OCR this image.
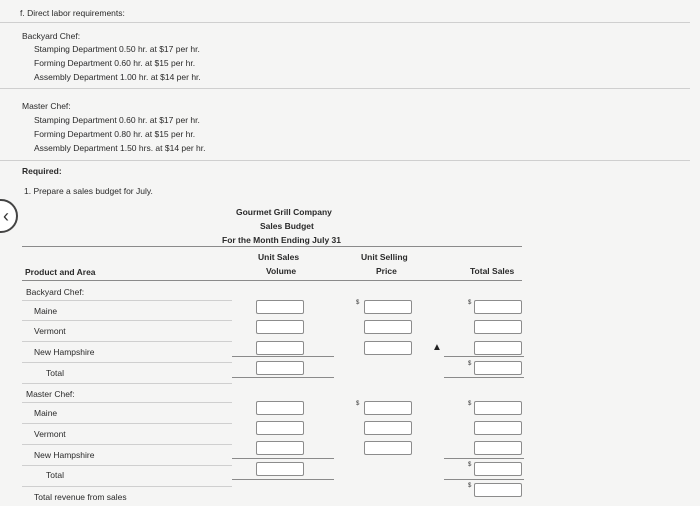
‹
f. Direct labor requirements:
Backyard Chef:
Stamping Department 0.50 hr. at $17 per hr.
Forming Department 0.60 hr. at $15 per hr.
Assembly Department 1.00 hr. at $14 per hr.
Master Chef:
Stamping Department 0.60 hr. at $17 per hr.
Forming Department 0.80 hr. at $15 per hr.
Assembly Department 1.50 hrs. at $14 per hr.
Required:
1. Prepare a sales budget for July.
Gourmet Grill Company
Sales Budget
For the Month Ending July 31
Unit Sales
Volume
Unit Selling
Price	Total Sales
Product and Area
Backyard Chef:
Maine
Vermont
New Hampshire
Total
Master Chef:
Maine
Vermont
New Hampshire
Total
Total revenue from sales
$
$
▲
$
$
$
$
$
